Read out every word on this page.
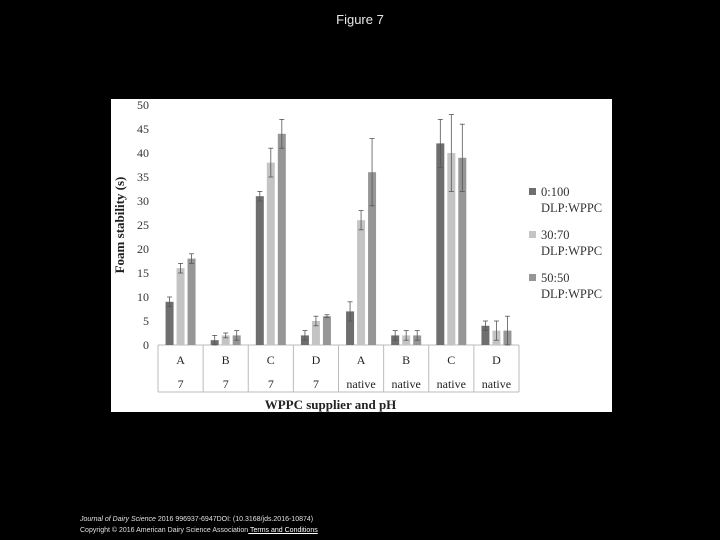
Figure 7
0
5
10
15
20
25
30
35
40
45
50
Foam stability (s)
A
7
B
7
C
7
D
7
A
native
B
native
C
native
D
native
WPPC supplier and pH
0:100
DLP:WPPC
30:70
DLP:WPPC
50:50
DLP:WPPC
Journal of Dairy Science 2016 996937-6947DOI: (10.3168/jds.2016-10874)
Copyright © 2016 American Dairy Science Association Terms and Conditions
